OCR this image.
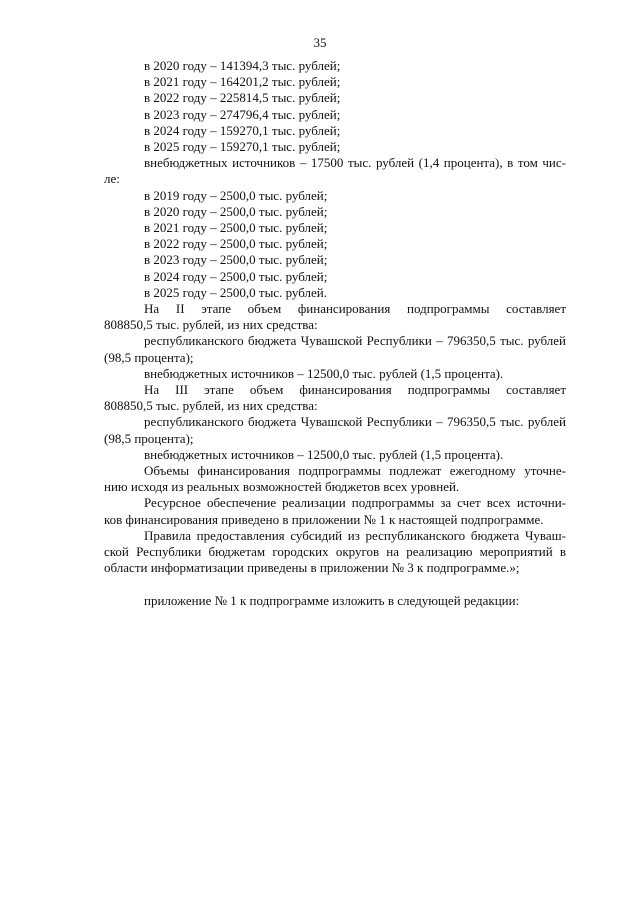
35

в 2020 году – 141394,3 тыс. рублей;

в 2021 году – 164201,2 тыс. рублей;

в 2022 году – 225814,5 тыс. рублей;

в 2023 году – 274796,4 тыс. рублей;

в 2024 году – 159270,1 тыс. рублей;

в 2025 году – 159270,1 тыс. рублей;

внебюджетных источников – 17500 тыс. рублей (1,4 процента), в том чис-

ле:

в 2019 году – 2500,0 тыс. рублей;

в 2020 году – 2500,0 тыс. рублей;

в 2021 году – 2500,0 тыс. рублей;

в 2022 году – 2500,0 тыс. рублей;

в 2023 году – 2500,0 тыс. рублей;

в 2024 году – 2500,0 тыс. рублей;

в 2025 году – 2500,0 тыс. рублей.

На II этапе объем финансирования подпрограммы составляет

808850,5 тыс. рублей, из них средства:

республиканского бюджета Чувашской Республики – 796350,5 тыс. рублей

(98,5 процента);

внебюджетных источников – 12500,0 тыс. рублей (1,5 процента).

На III этапе объем финансирования подпрограммы составляет

808850,5 тыс. рублей, из них средства:

республиканского бюджета Чувашской Республики – 796350,5 тыс. рублей

(98,5 процента);

внебюджетных источников – 12500,0 тыс. рублей (1,5 процента).

Объемы финансирования подпрограммы подлежат ежегодному уточне-

нию исходя из реальных возможностей бюджетов всех уровней.

Ресурсное обеспечение реализации подпрограммы за счет всех источни-

ков финансирования приведено в приложении № 1 к настоящей подпрограмме.

Правила предоставления субсидий из республиканского бюджета Чуваш-

ской Республики бюджетам городских округов на реализацию мероприятий в

области информатизации приведены в приложении № 3 к подпрограмме.»;

приложение № 1 к подпрограмме изложить в следующей редакции:
